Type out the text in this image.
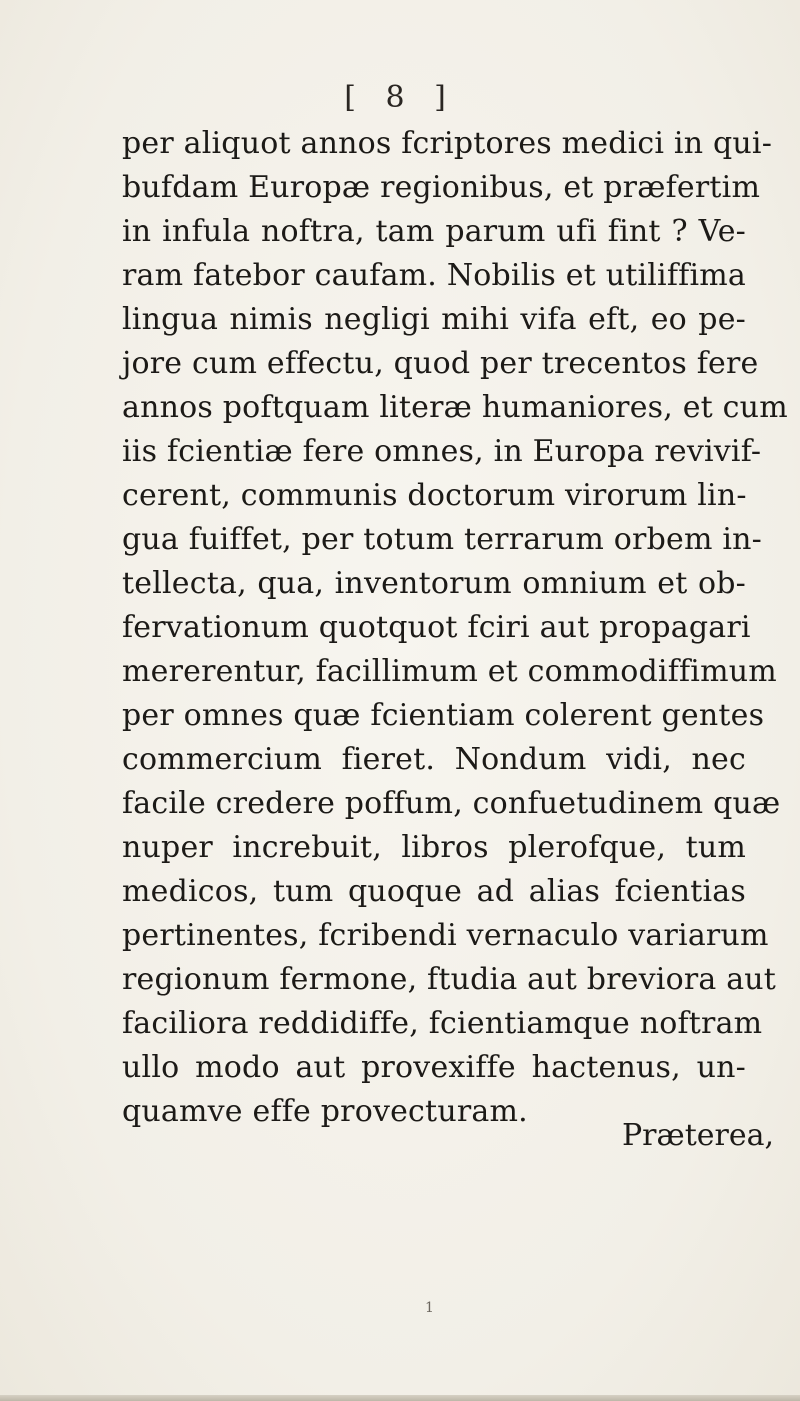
[ 8 ]
per aliquot annos fcriptores medici in qui-
bufdam Europæ regionibus, et præfertim
in infula noftra, tam parum ufi fint ? Ve-
ram fatebor caufam. Nobilis et utiliffima
lingua nimis negligi mihi vifa eft, eo pe-
jore cum effectu, quod per trecentos fere
annos poftquam literæ humaniores, et cum
iis fcientiæ fere omnes, in Europa revivif-
cerent, communis doctorum virorum lin-
gua fuiffet, per totum terrarum orbem in-
tellecta, qua, inventorum omnium et ob-
fervationum quotquot fciri aut propagari
mererentur, facillimum et commodiffimum
per omnes quæ fcientiam colerent gentes
commercium fieret. Nondum vidi, nec
facile credere poffum, confuetudinem quæ
nuper increbuit, libros plerofque, tum
medicos, tum quoque ad alias fcientias
pertinentes, fcribendi vernaculo variarum
regionum fermone, ftudia aut breviora aut
faciliora reddidiffe, fcientiamque noftram
ullo modo aut provexiffe hactenus, un-
quamve effe provecturam.
Præterea,
1
